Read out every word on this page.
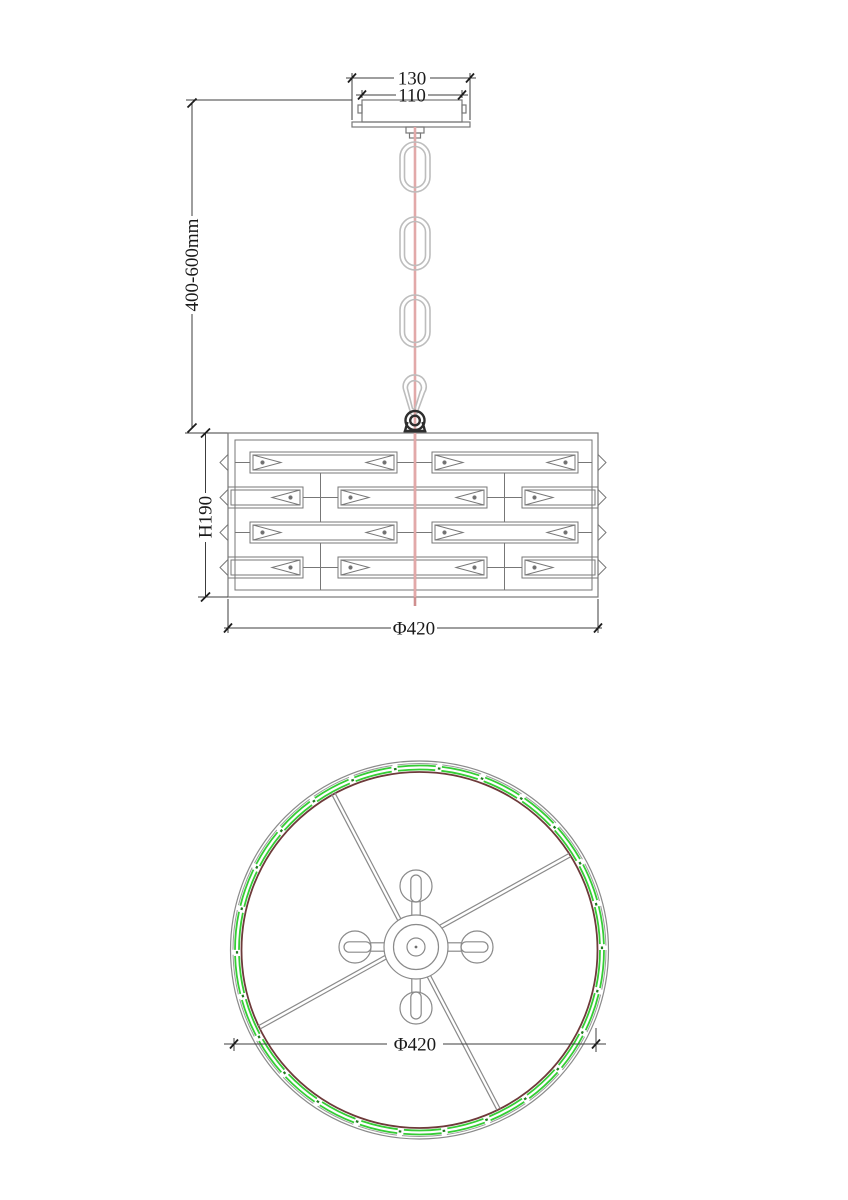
130
110
400-600mm
H190
Φ420
Φ420
